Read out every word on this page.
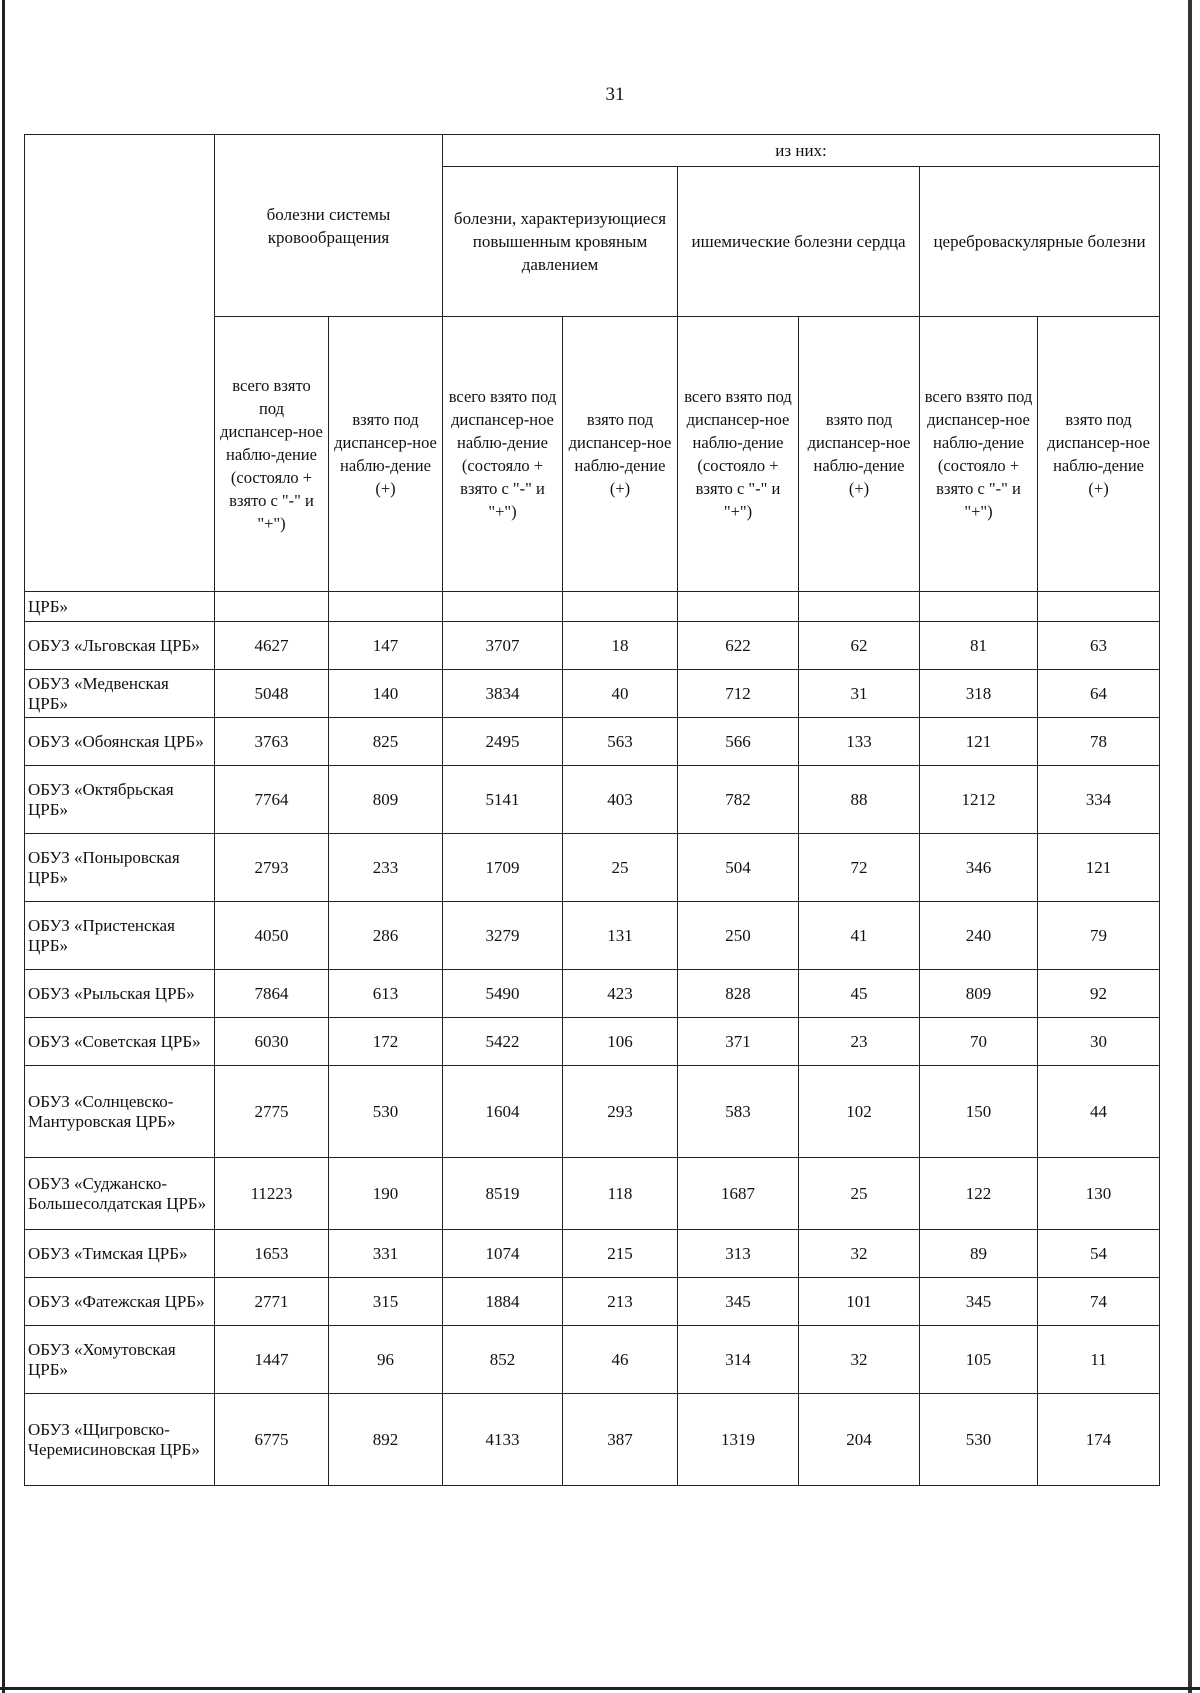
31
	болезни системы кровообращения		из них:					
			болезни, характеризующиеся повышенным кровяным давлением		ишемические болезни сердца		цереброваскулярные болезни	
	всего взято под диспансер-ное наблю-дение (состояло + взято с "-" и "+")	взято под диспансер-ное наблю-дение (+)	всего взято под диспансер-ное наблю-дение (состояло + взято с "-" и "+")	взято под диспансер-ное наблю-дение (+)	всего взято под диспансер-ное наблю-дение (состояло + взято с "-" и "+")	взято под диспансер-ное наблю-дение (+)	всего взято под диспансер-ное наблю-дение (состояло + взято с "-" и "+")	взято под диспансер-ное наблю-дение (+)
ЦРБ»								
ОБУЗ «Льговская ЦРБ»	4627	147	3707	18	622	62	81	63
ОБУЗ «Медвенская ЦРБ»	5048	140	3834	40	712	31	318	64
ОБУЗ «Обоянская ЦРБ»	3763	825	2495	563	566	133	121	78
ОБУЗ «Октябрьская ЦРБ»	7764	809	5141	403	782	88	1212	334
ОБУЗ «Поныровская ЦРБ»	2793	233	1709	25	504	72	346	121
ОБУЗ «Пристенская ЦРБ»	4050	286	3279	131	250	41	240	79
ОБУЗ «Рыльская ЦРБ»	7864	613	5490	423	828	45	809	92
ОБУЗ «Советская ЦРБ»	6030	172	5422	106	371	23	70	30
ОБУЗ «Солнцевско-Мантуровская ЦРБ»	2775	530	1604	293	583	102	150	44
ОБУЗ «Суджанско-Большесолдатская ЦРБ»	11223	190	8519	118	1687	25	122	130
ОБУЗ «Тимская ЦРБ»	1653	331	1074	215	313	32	89	54
ОБУЗ «Фатежская ЦРБ»	2771	315	1884	213	345	101	345	74
ОБУЗ «Хомутовская ЦРБ»	1447	96	852	46	314	32	105	11
ОБУЗ «Щигровско-Черемисиновская ЦРБ»	6775	892	4133	387	1319	204	530	174
